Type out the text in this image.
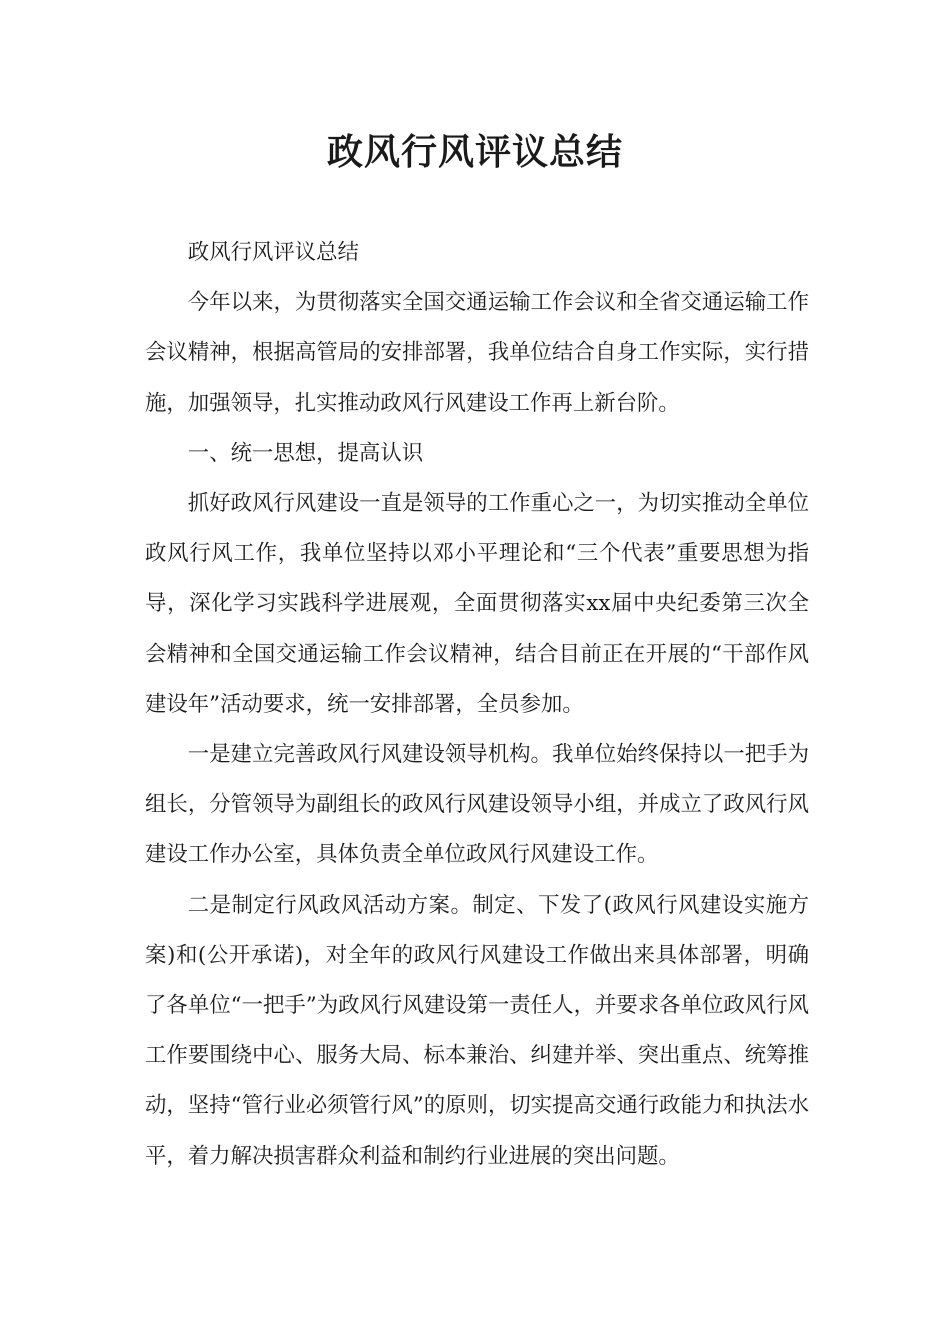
政风行风评议总结

政风行风评议总结

今年以来，为贯彻落实全国交通运输工作会议和全省交通运输工作会议精神，根据高管局的安排部署，我单位结合自身工作实际，实行措施，加强领导，扎实推动政风行风建设工作再上新台阶。

一、统一思想，提高认识

抓好政风行风建设一直是领导的工作重心之一，为切实推动全单位政风行风工作，我单位坚持以邓小平理论和“三个代表”重要思想为指导，深化学习实践科学进展观，全面贯彻落实xx届中央纪委第三次全会精神和全国交通运输工作会议精神，结合目前正在开展的“干部作风建设年”活动要求，统一安排部署，全员参加。

一是建立完善政风行风建设领导机构。我单位始终保持以一把手为组长，分管领导为副组长的政风行风建设领导小组，并成立了政风行风建设工作办公室，具体负责全单位政风行风建设工作。

二是制定行风政风活动方案。制定、下发了(政风行风建设实施方案)和(公开承诺)，对全年的政风行风建设工作做出来具体部署，明确了各单位“一把手”为政风行风建设第一责任人，并要求各单位政风行风工作要围绕中心、服务大局、标本兼治、纠建并举、突出重点、统筹推动，坚持“管行业必须管行风”的原则，切实提高交通行政能力和执法水平，着力解决损害群众利益和制约行业进展的突出问题。
